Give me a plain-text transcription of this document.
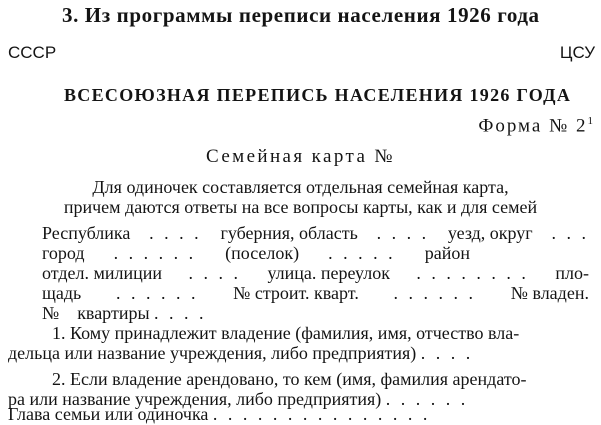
3. Из программы переписи населения 1926 года
СССР	ЦСУ
ВСЕСОЮЗНАЯ ПЕРЕПИСЬ НАСЕЛЕНИЯ 1926 ГОДА
Форма № $2^1$
Семейная карта №
Для одиночек составляется отдельная семейная карта,
причем даются ответы на все вопросы карты, как и для семей
Республика . . . . губерния, область . . . . уезд, округ . . .
город . . . . . . (поселок) . . . . . район
отдел. милиции . . . . улица. переулок . . . . . . . . пло-
щадь . . . . . . № строит. кварт. . . . . . . № владен.
№ квартиры . . . .
1. Кому принадлежит владение (фамилия, имя, отчество вла-
дельца или название учреждения, либо предприятия) . . . .
2. Если владение арендовано, то кем (имя, фамилия арендато-
ра или название учреждения, либо предприятия) . . . . . .
Глава семьи или одиночка . . . . . . . . . . . . . . .
